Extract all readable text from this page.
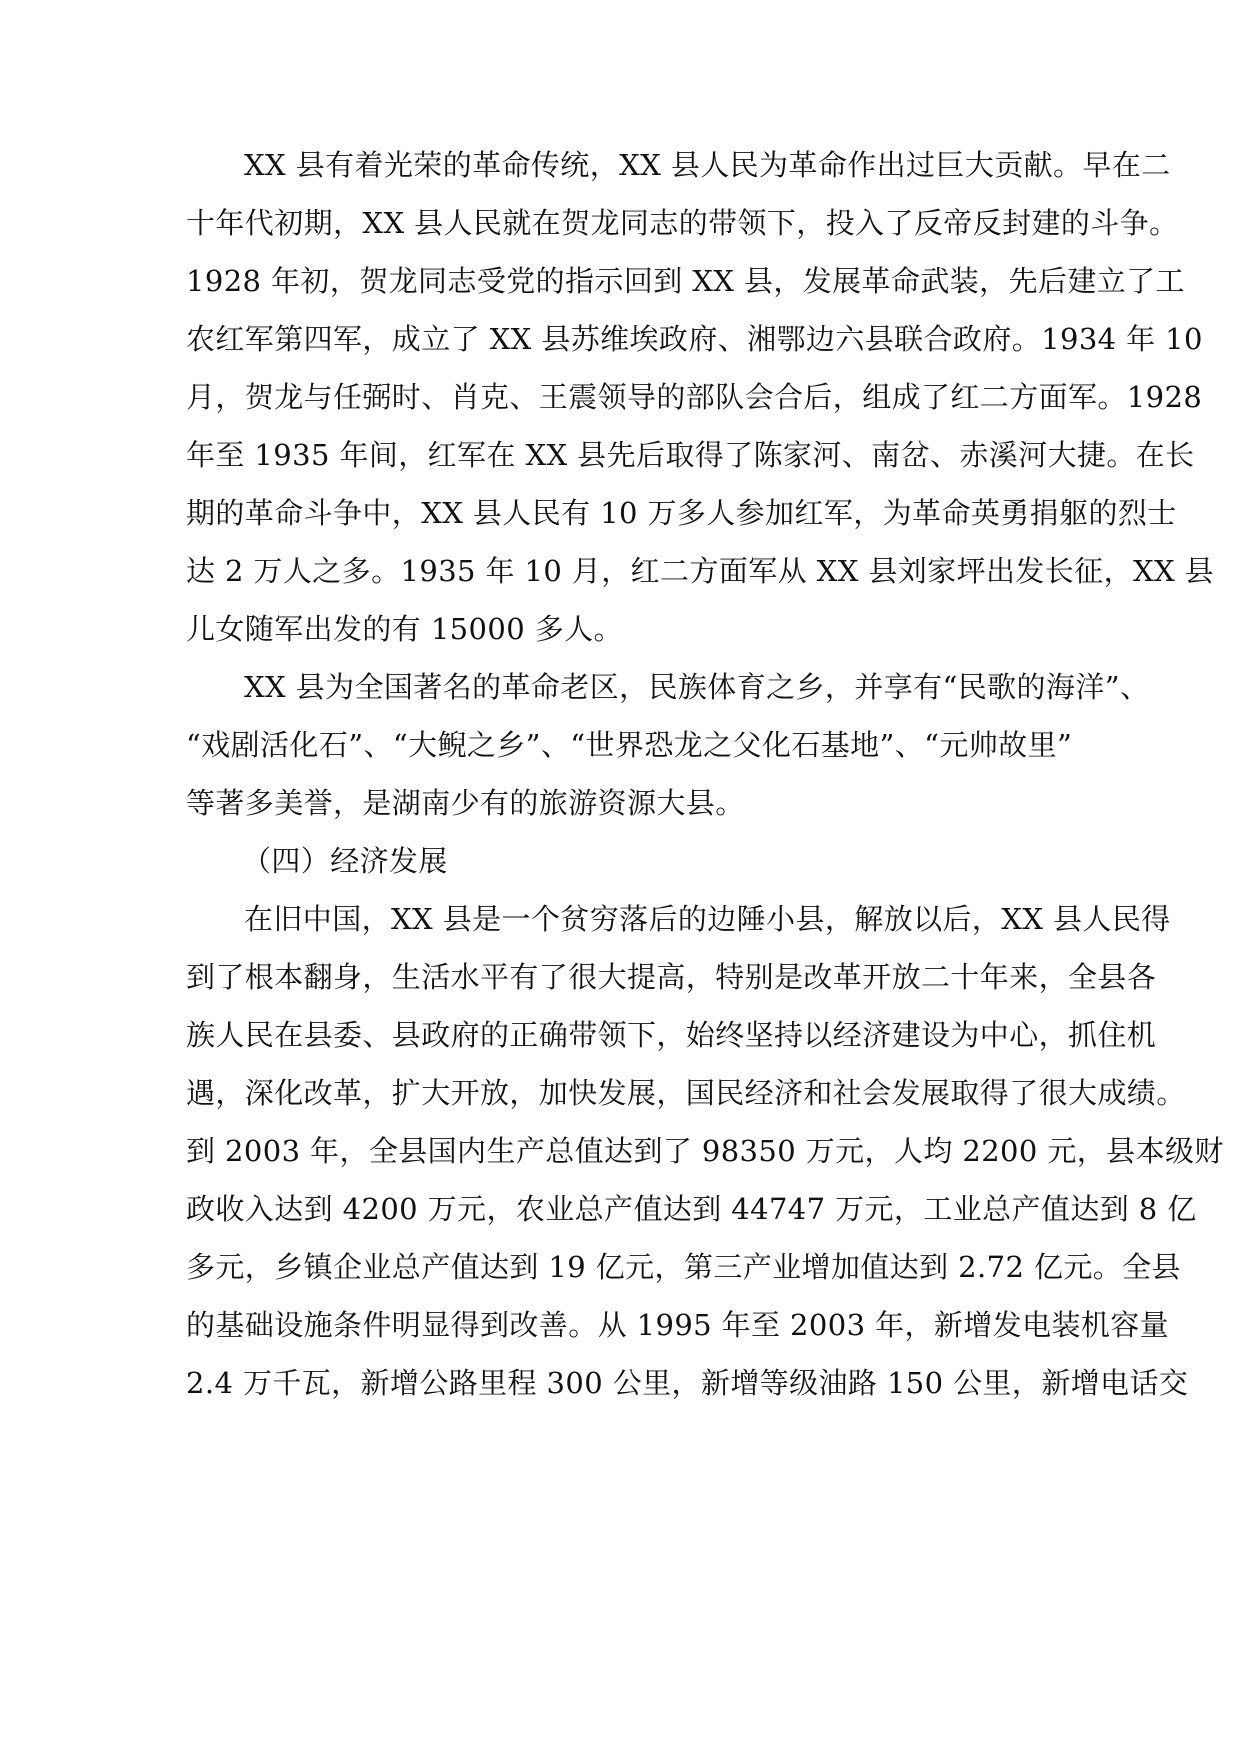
XX 县有着光荣的革命传统，XX 县人民为革命作出过巨大贡献。早在二
十年代初期，XX 县人民就在贺龙同志的带领下，投入了反帝反封建的斗争。
1928 年初，贺龙同志受党的指示回到 XX 县，发展革命武装，先后建立了工
农红军第四军，成立了 XX 县苏维埃政府、湘鄂边六县联合政府。1934 年 10
月，贺龙与任弼时、肖克、王震领导的部队会合后，组成了红二方面军。1928
年至 1935 年间，红军在 XX 县先后取得了陈家河、南岔、赤溪河大捷。在长
期的革命斗争中，XX 县人民有 10 万多人参加红军，为革命英勇捐躯的烈士
达 2 万人之多。1935 年 10 月，红二方面军从 XX 县刘家坪出发长征，XX 县
儿女随军出发的有 15000 多人。
XX 县为全国著名的革命老区，民族体育之乡，并享有“民歌的海洋”、
“戏剧活化石”、“大鲵之乡”、“世界恐龙之父化石基地”、“元帅故里”
等著多美誉，是湖南少有的旅游资源大县。
（四）经济发展
在旧中国，XX 县是一个贫穷落后的边陲小县，解放以后，XX 县人民得
到了根本翻身，生活水平有了很大提高，特别是改革开放二十年来，全县各
族人民在县委、县政府的正确带领下，始终坚持以经济建设为中心，抓住机
遇，深化改革，扩大开放，加快发展，国民经济和社会发展取得了很大成绩。
到 2003 年，全县国内生产总值达到了 98350 万元，人均 2200 元，县本级财
政收入达到 4200 万元，农业总产值达到 44747 万元，工业总产值达到 8 亿
多元，乡镇企业总产值达到 19 亿元，第三产业增加值达到 2.72 亿元。全县
的基础设施条件明显得到改善。从 1995 年至 2003 年，新增发电装机容量
2.4 万千瓦，新增公路里程 300 公里，新增等级油路 150 公里，新增电话交
